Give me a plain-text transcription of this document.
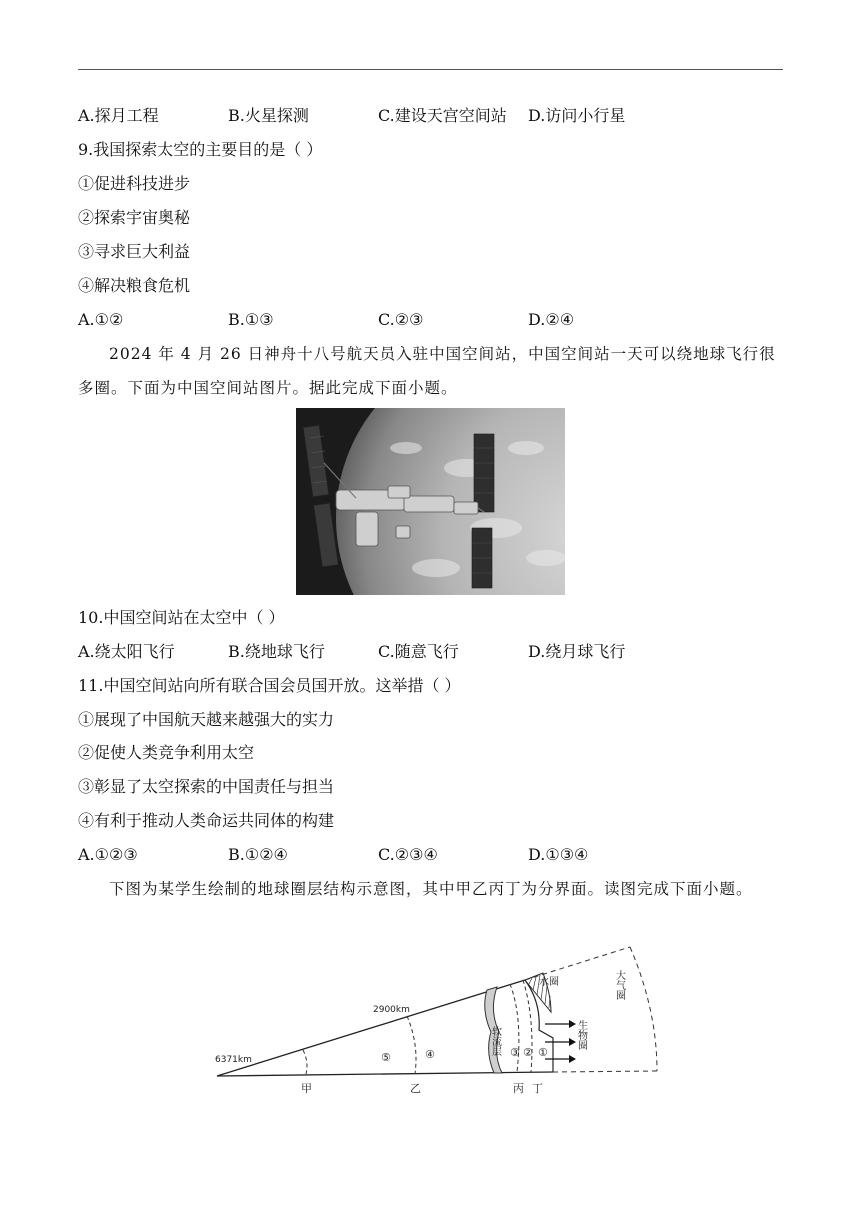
A.探月工程	B.火星探测	C.建设天宫空间站 D.访问小行星
9.我国探索太空的主要目的是（ ）
①促进科技进步
②探索宇宙奥秘
③寻求巨大利益
④解决粮食危机
A.①②	B.①③	C.②③	D.②④
2024 年 4 月 26 日神舟十八号航天员入驻中国空间站，中国空间站一天可以绕地球飞行很多圈。下面为中国空间站图片。据此完成下面小题。
10.中国空间站在太空中（ ）
A.绕太阳飞行	B.绕地球飞行	C.随意飞行	D.绕月球飞行
11.中国空间站向所有联合国会员国开放。这举措（ ）
①展现了中国航天越来越强大的实力
②促使人类竞争利用太空
③彰显了太空探索的中国责任与担当
④有利于推动人类命运共同体的构建
A.①②③	B.①②④	C.②③④	D.①③④
下图为某学生绘制的地球圈层结构示意图，其中甲乙丙丁为分界面。读图完成下面小题。
6371km
2900km
甲	乙	丙 丁
⑤	④	③ ② ①
软流层
水圈
生物圈
大气圈
